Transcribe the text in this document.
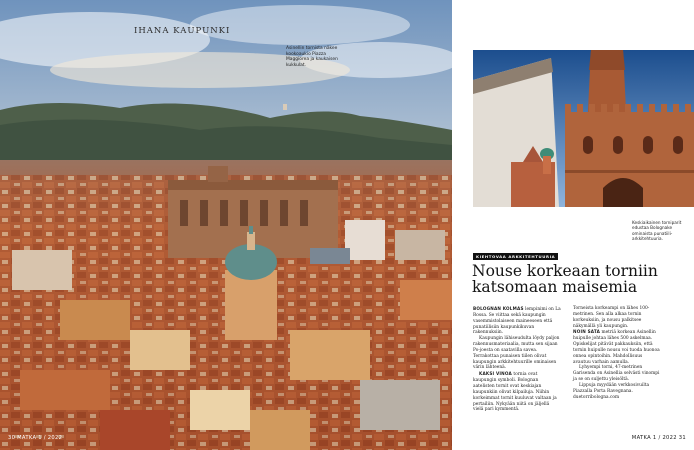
IHANA KAUPUNKI
Asinellin tornista näkee kookoaukio Piazza Maggiorea ja kaukaisen kukkulat.
30 MATKA 1 / 2022
Keskiaikainen torniparit edustaa Bolognake ominaista punatiili-arkkitehtuuria.
KIEHTOVAA ARKKITEHTUURIA
Nouse korkeaan torniin katsomaan maisemia

BOLOGNAN KOLMAS lempinimi on La Rossa. Se viittaa sekä kaupungin vasemmistolaiseen maineeseen että punatiilisiin kaupunkikuvan rakennuksiin.

Kaupungin lähiseudulta löydy paljon rakennusmateriaalia, mutta sen sijaan Po-joesta on saatavilla savea. Terrakottaa punaisen tiilen olivat kaupungin arkkitehtuurille ominaisen värin lähteenä.

KAKSI VINOA tornia ovat kaupungin symboli. Bolognan aatelisten tornit ovat keskiajan kaupunkiin olivat kilpailuja. Niihin korkeimmat tornit kuuluvat valtaan ja pertailiin. Nykyään niitä on jäljellä vielä pari kymmentä.

Torneista korkeampi on lähes 100-metrinen. Sen alla alkaa tornin korkeuksiin, ja nousu palkitsee näkymällä yli kaupungin.

NOIN SATA metriä korkean Asinellin huipulle johtaa lähes 500 askelmaa. Opiskelijat pitävät pakkauksiin, että tornin huipulle nousu voi tuoda huonoa onnea opintoihin. Mahdollisuus avautuu varhain aamulla.

Lyhyempi torni, 47-metrinen Garisenda on Asinellia selvästi vinompi ja se on suljettu yleisöltä.

Lippuja myydään verkkosivuilta Piazzalla Porta Ravegnana.

duetorribologna.com

MATKA 1 / 2022 31
